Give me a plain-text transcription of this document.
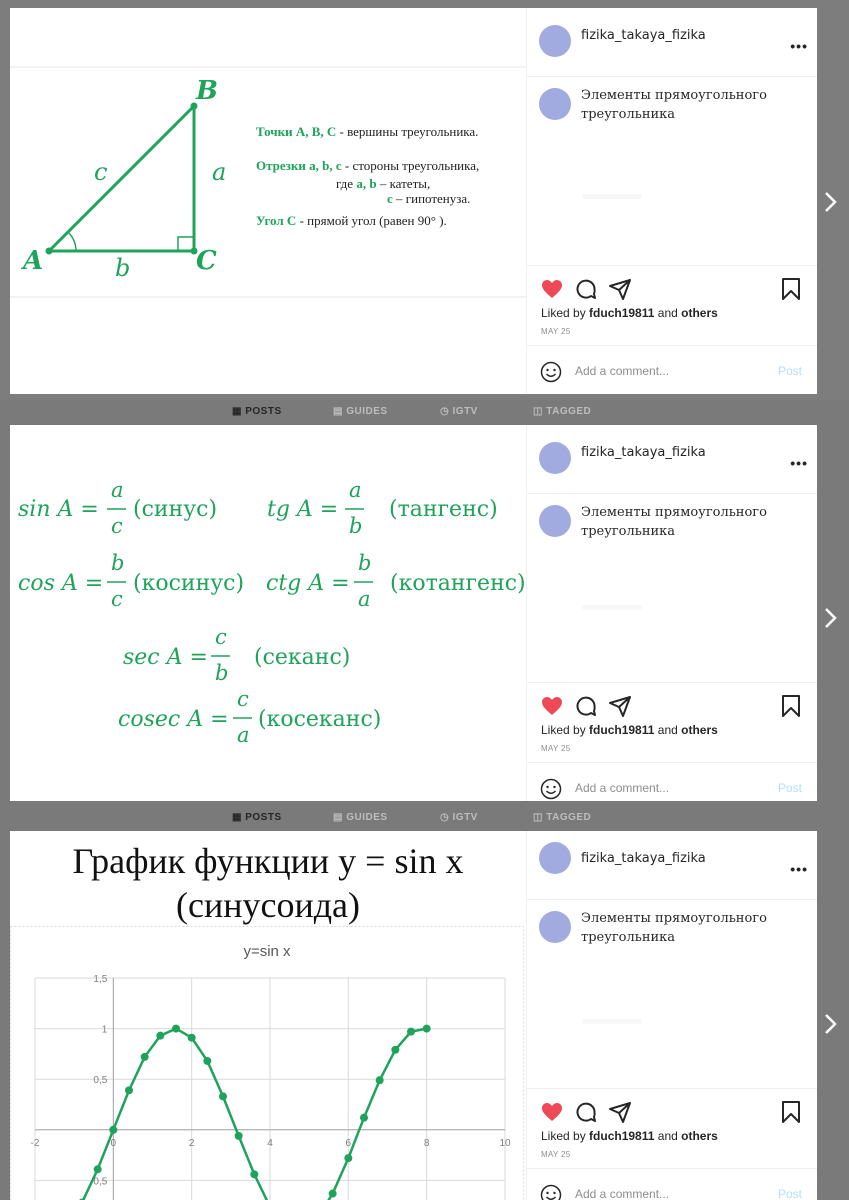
B
A	C
c	a
b
Точки A, B, C - вершины треугольника.
Отрезки a, b, c - стороны треугольника,
где a, b – катеты,
c – гипотенуза.
Угол C - прямой угол (равен 90° ).
fizika_takaya_fizika
•••
Элементы прямоугольного
треугольника
Liked by fduch19811 and others
MAY 25
Add a comment...	Post
▦ POSTS	▤ GUIDES	◷ IGTV	◫ TAGGED
sin A =
a
c
(синус) tg A =
a
b
(тангенс)
cos A =
b
c
(косинус) ctg A =
b
a
(котангенс)
sec A =
c
b
(секанс)
cosec A =
c
a
(косеканс)
fizika_takaya_fizika
•••
Элементы прямоугольного
треугольника
Liked by fduch19811 and others
MAY 25
Add a comment...	Post
▦ POSTS	▤ GUIDES	◷ IGTV	◫ TAGGED
График функции y = sin x
(синусоида)
y=sin x
-2	0	2	4	6	8	10
1,5
1
0,5
-0,5
fizika_takaya_fizika
•••
Элементы прямоугольного
треугольника
Liked by fduch19811 and others
MAY 25
Add a comment...	Post
